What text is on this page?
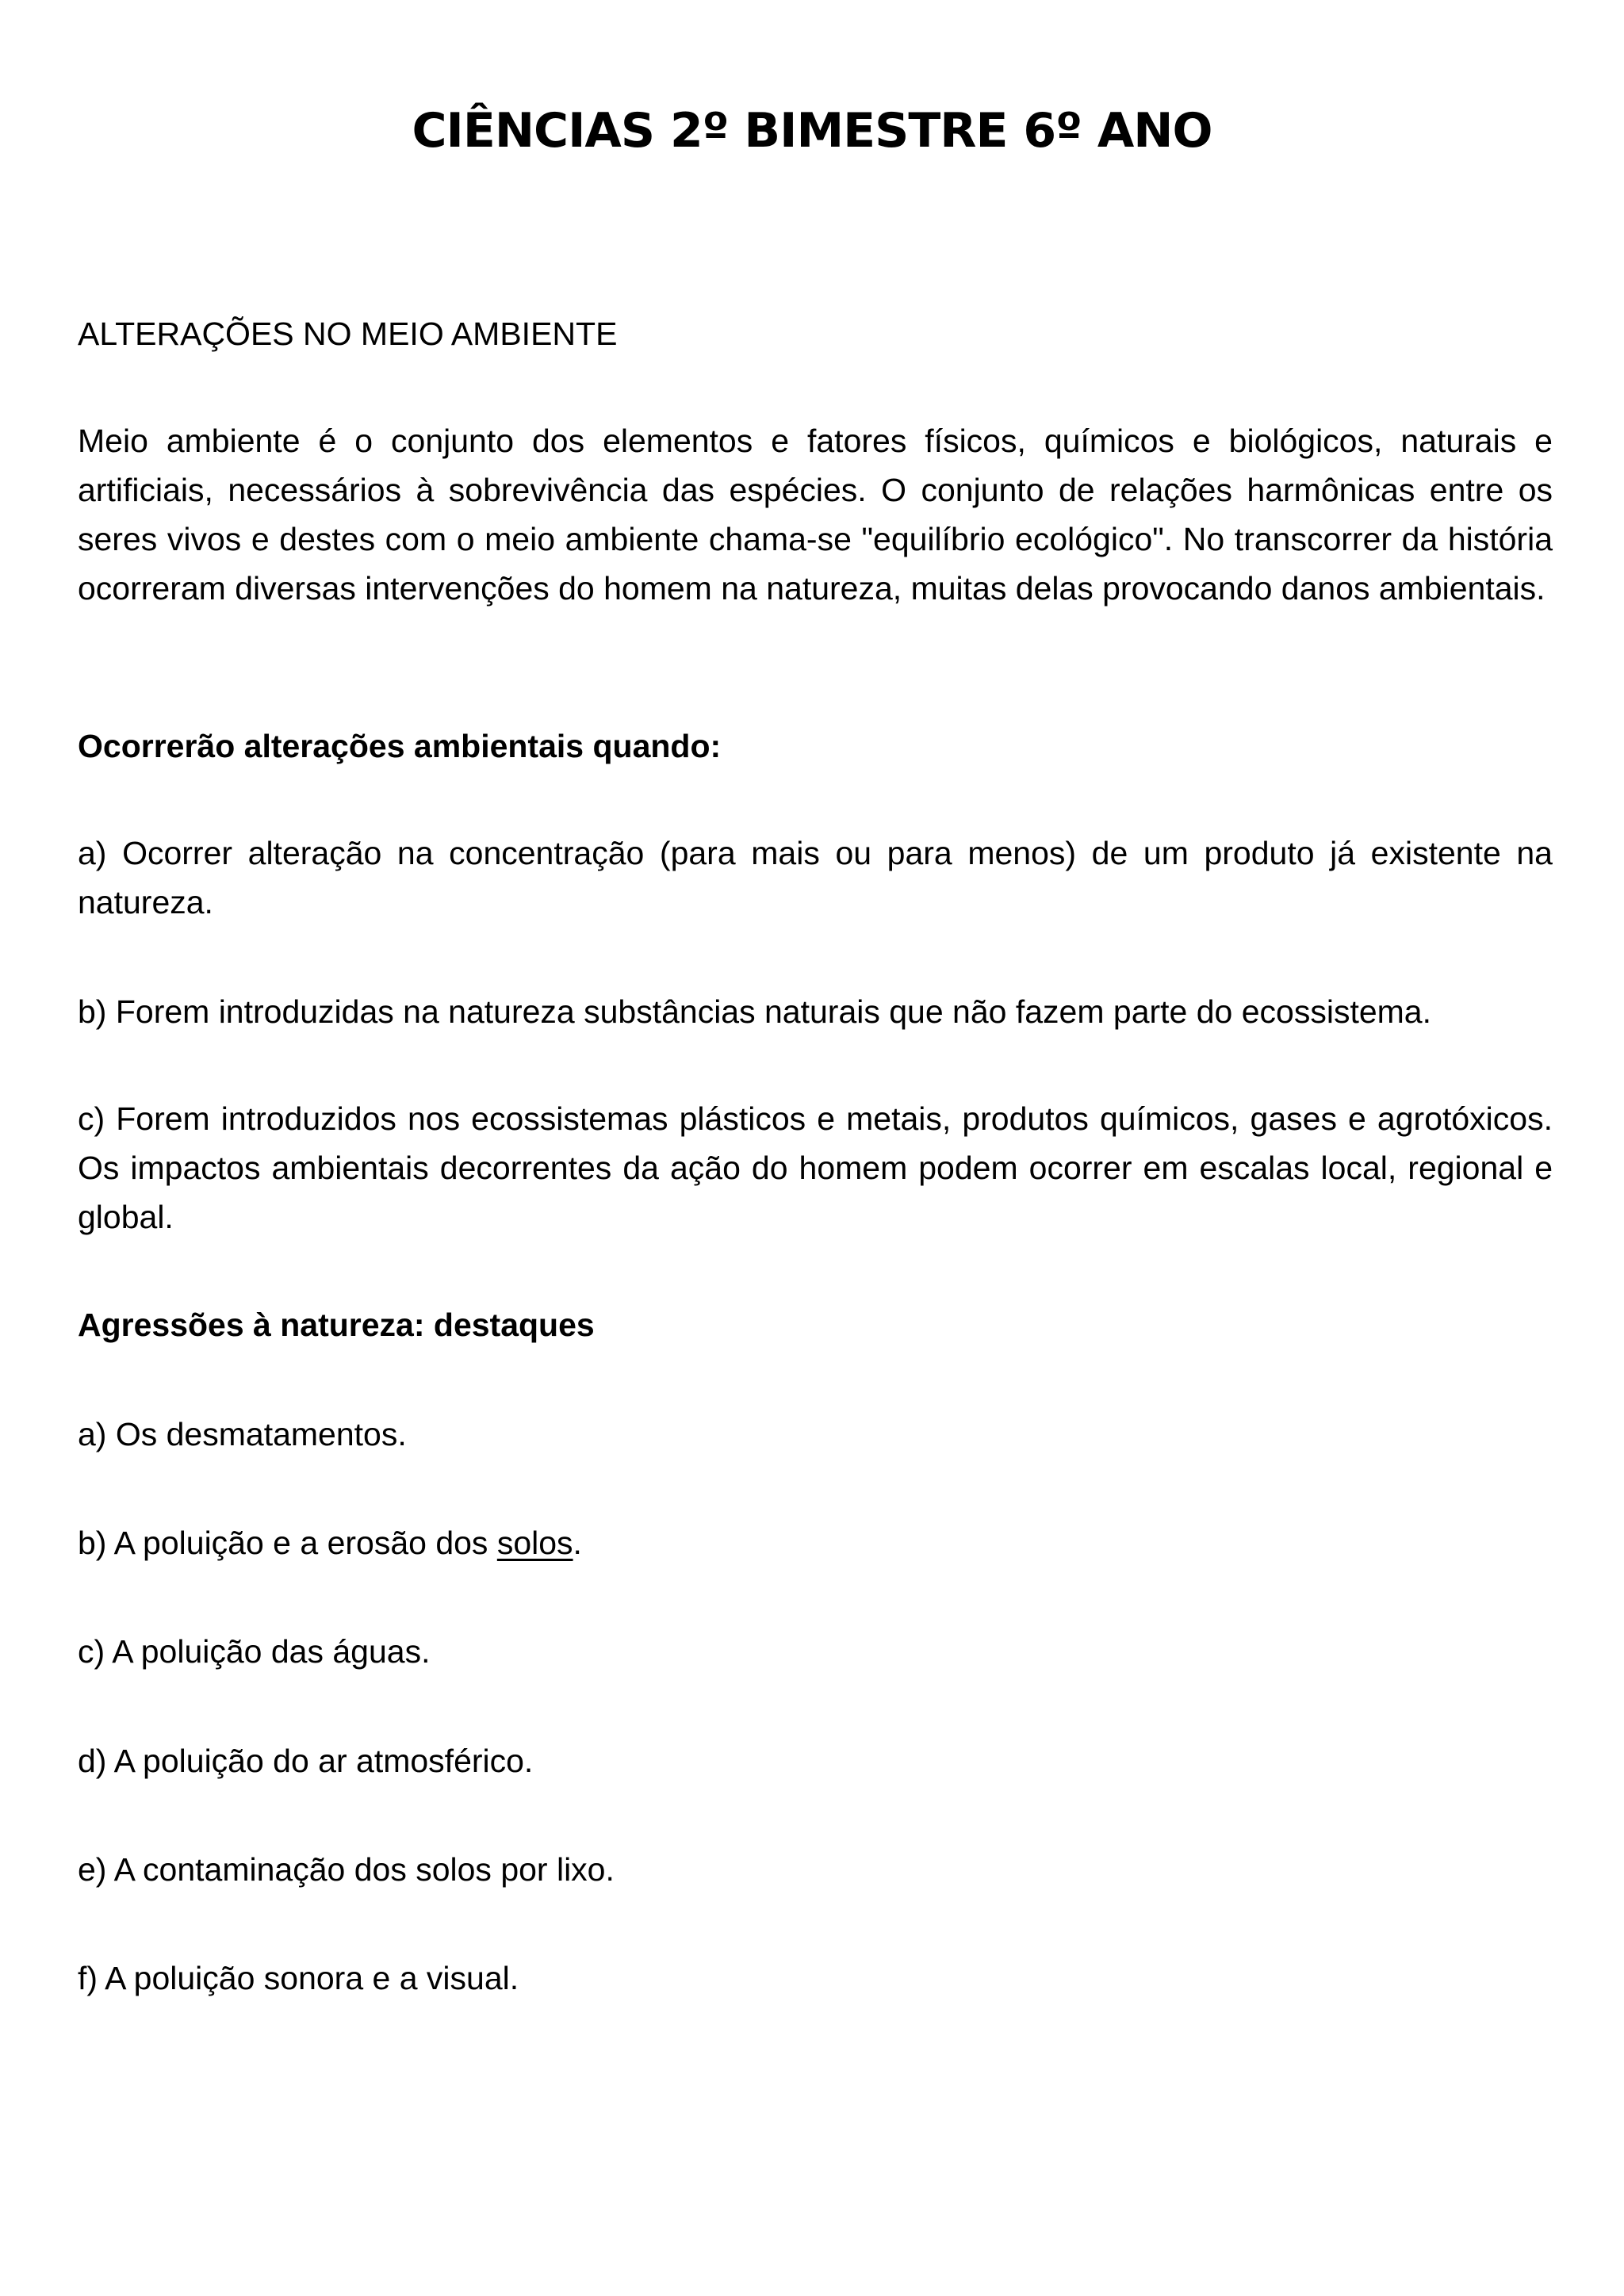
CIÊNCIAS 2º BIMESTRE 6º ANO

ALTERAÇÕES NO MEIO AMBIENTE

Meio ambiente é o conjunto dos elementos e fatores físicos, químicos e biológicos, naturais e artificiais, necessários à sobrevivência das espécies. O conjunto de relações harmônicas entre os seres vivos e destes com o meio ambiente chama-se "equilíbrio ecológico". No transcorrer da história ocorreram diversas intervenções do homem na natureza, muitas delas provocando danos ambientais.

Ocorrerão alterações ambientais quando:

a) Ocorrer alteração na concentração (para mais ou para menos) de um produto já existente na natureza.

b) Forem introduzidas na natureza substâncias naturais que não fazem parte do ecossistema.

c) Forem introduzidos nos ecossistemas plásticos e metais, produtos químicos, gases e agrotóxicos. Os impactos ambientais decorrentes da ação do homem podem ocorrer em escalas local, regional e global.

Agressões à natureza: destaques

a) Os desmatamentos.

b) A poluição e a erosão dos solos.

c) A poluição das águas.

d) A poluição do ar atmosférico.

e) A contaminação dos solos por lixo.

f) A poluição sonora e a visual.
